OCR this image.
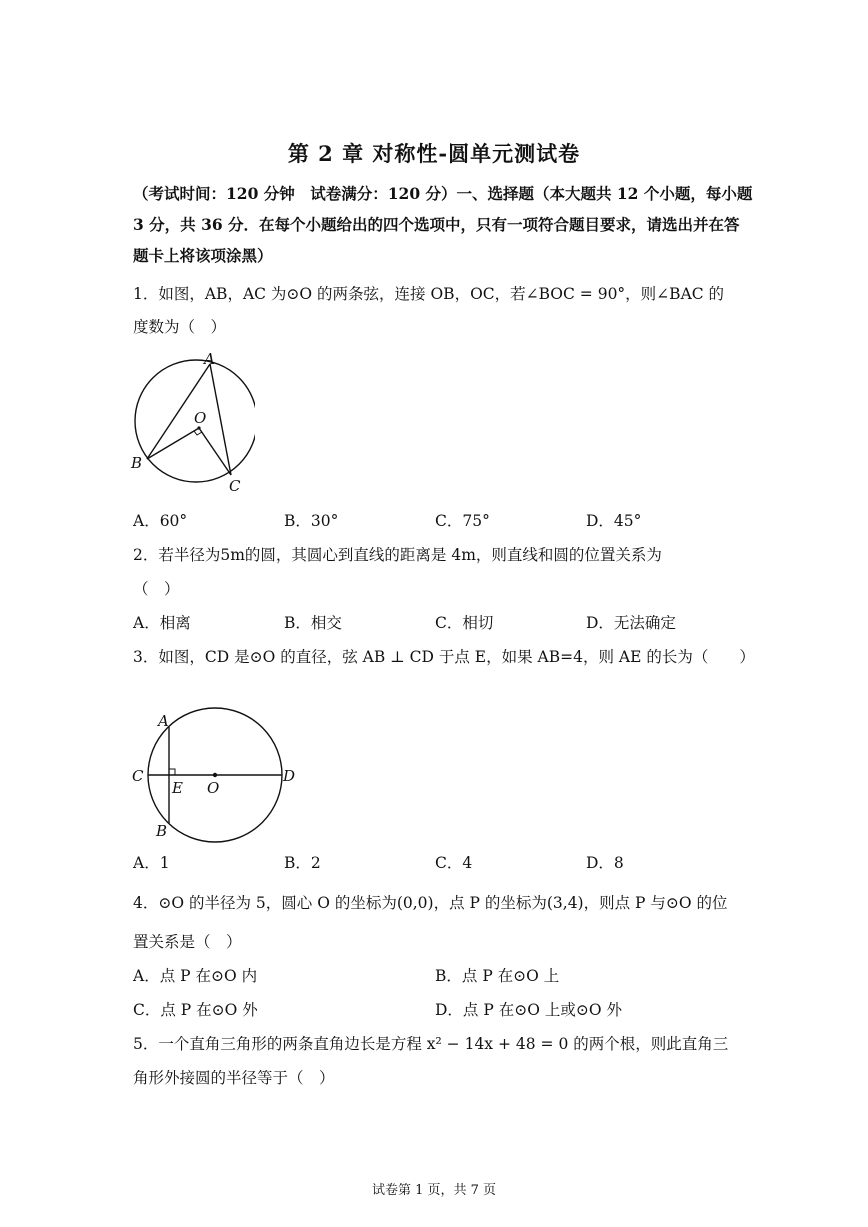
第 2 章 对称性-圆单元测试卷
（考试时间：120 分钟　试卷满分：120 分）一、选择题（本大题共 12 个小题，每小题 3 分，共 36 分．在每个小题给出的四个选项中，只有一项符合题目要求，请选出并在答题卡上将该项涂黑）
1．如图，AB，AC 为⊙O 的两条弦，连接 OB，OC，若∠BOC = 90°，则∠BAC 的
度数为（　）
A
O
B
C
A．60°	B．30°	C．75°	D．45°
2．若半径为5m的圆，其圆心到直线的距离是 4m，则直线和圆的位置关系为
（　）
A．相离	B．相交	C．相切	D．无法确定
3．如图，CD 是⊙O 的直径，弦 AB ⊥ CD 于点 E，如果 AB=4，则 AE 的长为（　　）
A
C
E O
D
B
A．1	B．2	C．4	D．8
4．⊙O 的半径为 5，圆心 O 的坐标为(0,0)，点 P 的坐标为(3,4)，则点 P 与⊙O 的位
置关系是（　）
A．点 P 在⊙O 内	B．点 P 在⊙O 上
C．点 P 在⊙O 外	D．点 P 在⊙O 上或⊙O 外
5．一个直角三角形的两条直角边长是方程 x² − 14x + 48 = 0 的两个根，则此直角三
角形外接圆的半径等于（　）
试卷第 1 页，共 7 页
